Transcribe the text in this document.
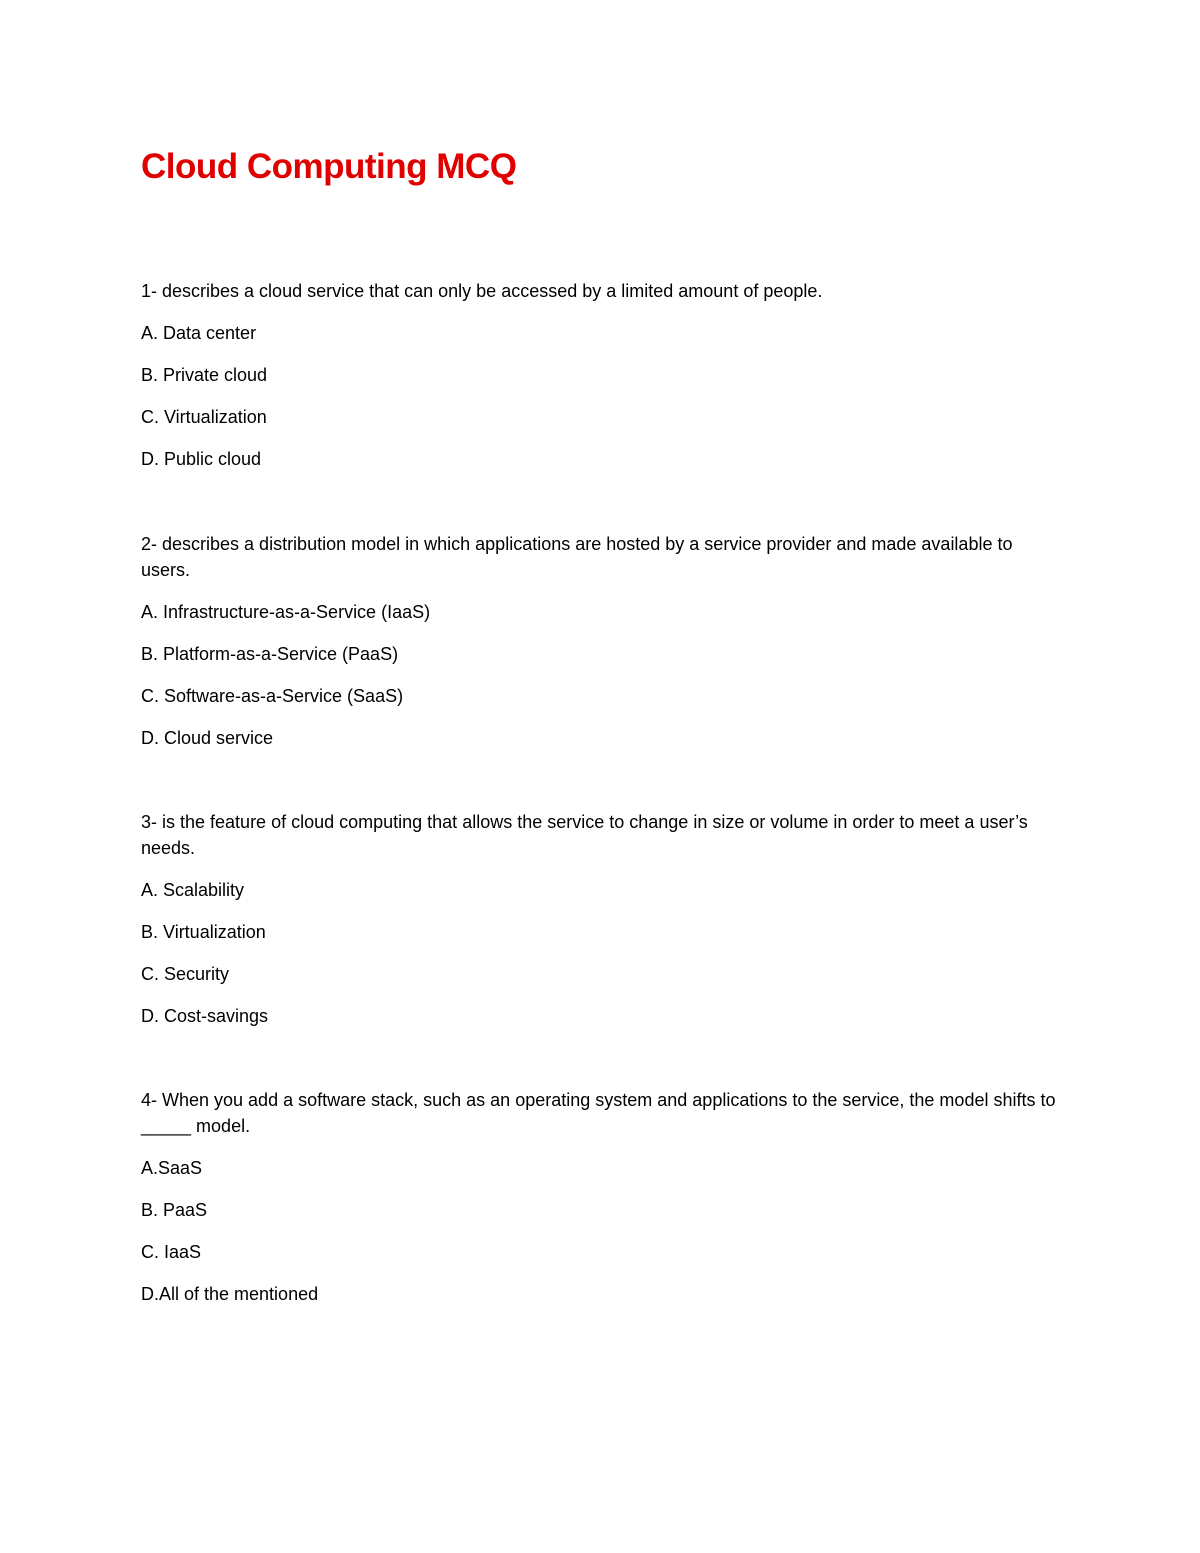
Cloud Computing MCQ

1- describes a cloud service that can only be accessed by a limited amount of people.

A. Data center
B. Private cloud
C. Virtualization
D. Public cloud

2- describes a distribution model in which applications are hosted by a service provider and made available to users.

A. Infrastructure-as-a-Service (IaaS)
B. Platform-as-a-Service (PaaS)
C. Software-as-a-Service (SaaS)
D. Cloud service

3- is the feature of cloud computing that allows the service to change in size or volume in order to meet a user’s needs.

A. Scalability
B. Virtualization
C. Security
D. Cost-savings

4- When you add a software stack, such as an operating system and applications to the service, the model shifts to _____ model.

A.SaaS
B. PaaS
C. IaaS
D.All of the mentioned
